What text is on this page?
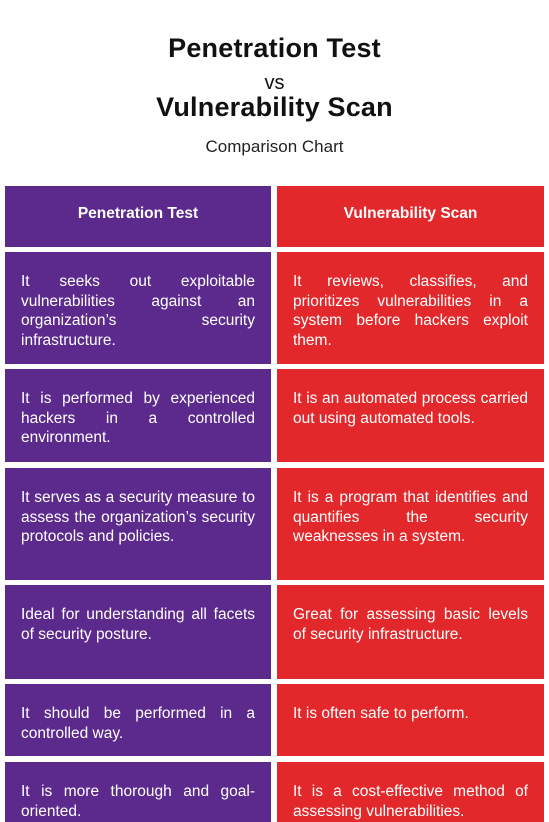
Penetration Test
vs
Vulnerability Scan
Comparison Chart
Penetration Test	Vulnerability Scan
It seeks out exploitable vulnerabilities against an organization’s security infrastructure.
It reviews, classifies, and prioritizes vulnerabilities in a system before hackers exploit them.
It is performed by experienced hackers in a controlled environment.
It is an automated process carried out using automated tools.
It serves as a security measure to assess the organization’s security protocols and policies.
It is a program that identifies and quantifies the security weaknesses in a system.
Ideal for understanding all facets of security posture.
Great for assessing basic levels of security infrastructure.
It should be performed in a controlled way.
It is often safe to perform.
It is more thorough and goal-oriented.
It is a cost-effective method of assessing vulnerabilities.
